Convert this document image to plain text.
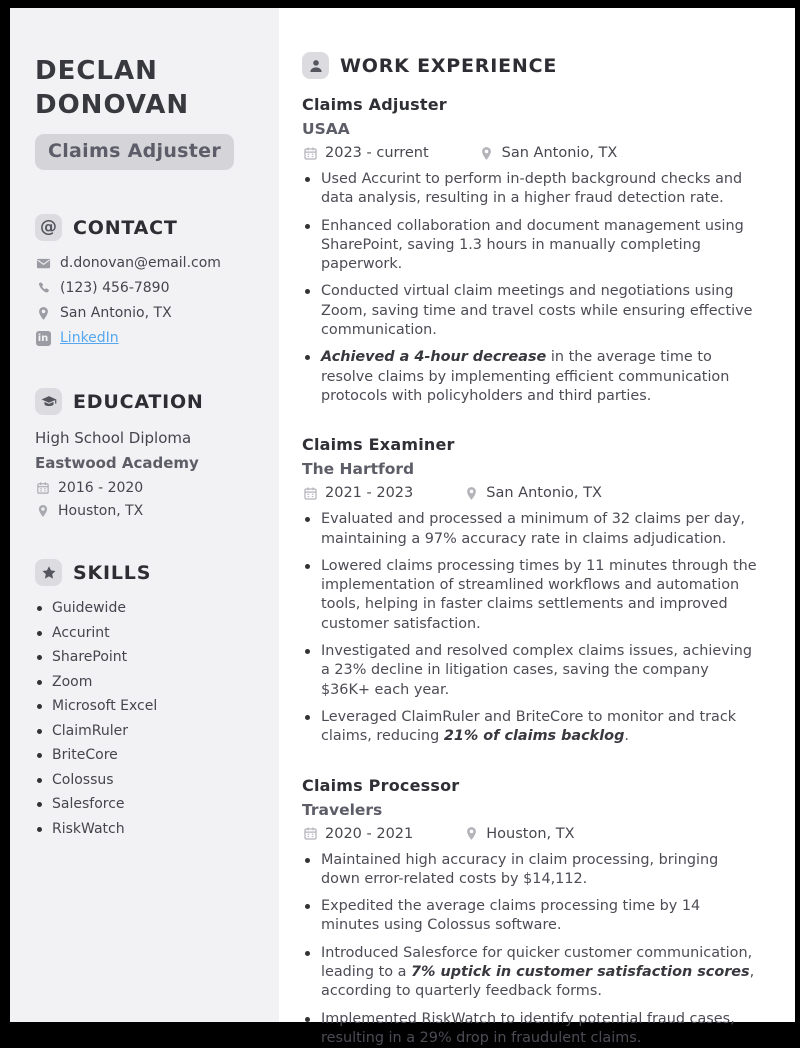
DECLAN
DONOVAN
Claims Adjuster
@ CONTACT
d.donovan@email.com
(123) 456-7890
San Antonio, TX
in LinkedIn
EDUCATION
High School Diploma
Eastwood Academy
2016 - 2020
Houston, TX
SKILLS
Guidewide
Accurint
SharePoint
Zoom
Microsoft Excel
ClaimRuler
BriteCore
Colossus
Salesforce
RiskWatch
WORK EXPERIENCE
Claims Adjuster
USAA
2023 - current	San Antonio, TX
Used Accurint to perform in-depth background checks and data analysis, resulting in a higher fraud detection rate.
Enhanced collaboration and document management using SharePoint, saving 1.3 hours in manually completing paperwork.
Conducted virtual claim meetings and negotiations using Zoom, saving time and travel costs while ensuring effective communication.
Achieved a 4-hour decrease in the average time to resolve claims by implementing efficient communication protocols with policyholders and third parties.
Claims Examiner
The Hartford
2021 - 2023	San Antonio, TX
Evaluated and processed a minimum of 32 claims per day, maintaining a 97% accuracy rate in claims adjudication.
Lowered claims processing times by 11 minutes through the implementation of streamlined workflows and automation tools, helping in faster claims settlements and improved customer satisfaction.
Investigated and resolved complex claims issues, achieving a 23% decline in litigation cases, saving the company $36K+ each year.
Leveraged ClaimRuler and BriteCore to monitor and track claims, reducing 21% of claims backlog.
Claims Processor
Travelers
2020 - 2021	Houston, TX
Maintained high accuracy in claim processing, bringing down error-related costs by $14,112.
Expedited the average claims processing time by 14 minutes using Colossus software.
Introduced Salesforce for quicker customer communication, leading to a 7% uptick in customer satisfaction scores, according to quarterly feedback forms.
Implemented RiskWatch to identify potential fraud cases, resulting in a 29% drop in fraudulent claims.
